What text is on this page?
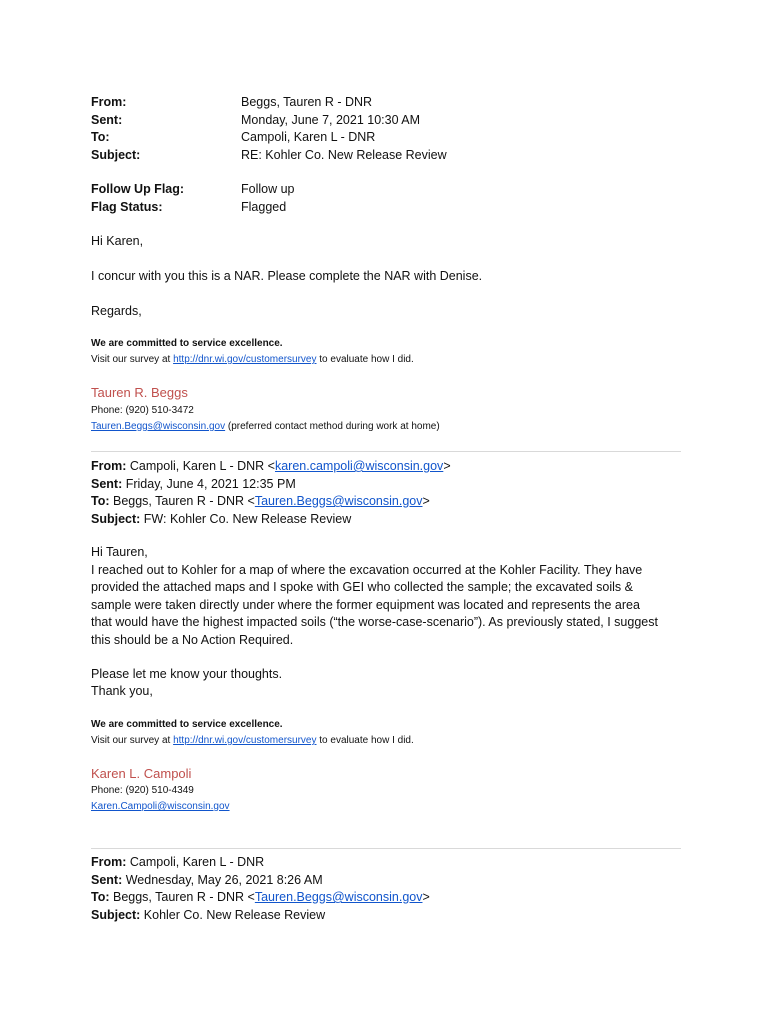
From:	Beggs, Tauren R - DNR
Sent:	Monday, June 7, 2021 10:30 AM
To:	Campoli, Karen L - DNR
Subject:	RE: Kohler Co. New Release Review
Follow Up Flag:	Follow up
Flag Status:	Flagged
Hi Karen,
I concur with you this is a NAR. Please complete the NAR with Denise.
Regards,
We are committed to service excellence.
Visit our survey at http://dnr.wi.gov/customersurvey to evaluate how I did.
Tauren R. Beggs
Phone: (920) 510-3472
Tauren.Beggs@wisconsin.gov (preferred contact method during work at home)
From: Campoli, Karen L - DNR <karen.campoli@wisconsin.gov>
Sent: Friday, June 4, 2021 12:35 PM
To: Beggs, Tauren R - DNR <Tauren.Beggs@wisconsin.gov>
Subject: FW: Kohler Co. New Release Review
Hi Tauren,
I reached out to Kohler for a map of where the excavation occurred at the Kohler Facility. They have
provided the attached maps and I spoke with GEI who collected the sample; the excavated soils &
sample were taken directly under where the former equipment was located and represents the area
that would have the highest impacted soils (“the worse-case-scenario”). As previously stated, I suggest
this should be a No Action Required.
Please let me know your thoughts.
Thank you,
We are committed to service excellence.
Visit our survey at http://dnr.wi.gov/customersurvey to evaluate how I did.
Karen L. Campoli
Phone: (920) 510-4349
Karen.Campoli@wisconsin.gov
From: Campoli, Karen L - DNR
Sent: Wednesday, May 26, 2021 8:26 AM
To: Beggs, Tauren R - DNR <Tauren.Beggs@wisconsin.gov>
Subject: Kohler Co. New Release Review
